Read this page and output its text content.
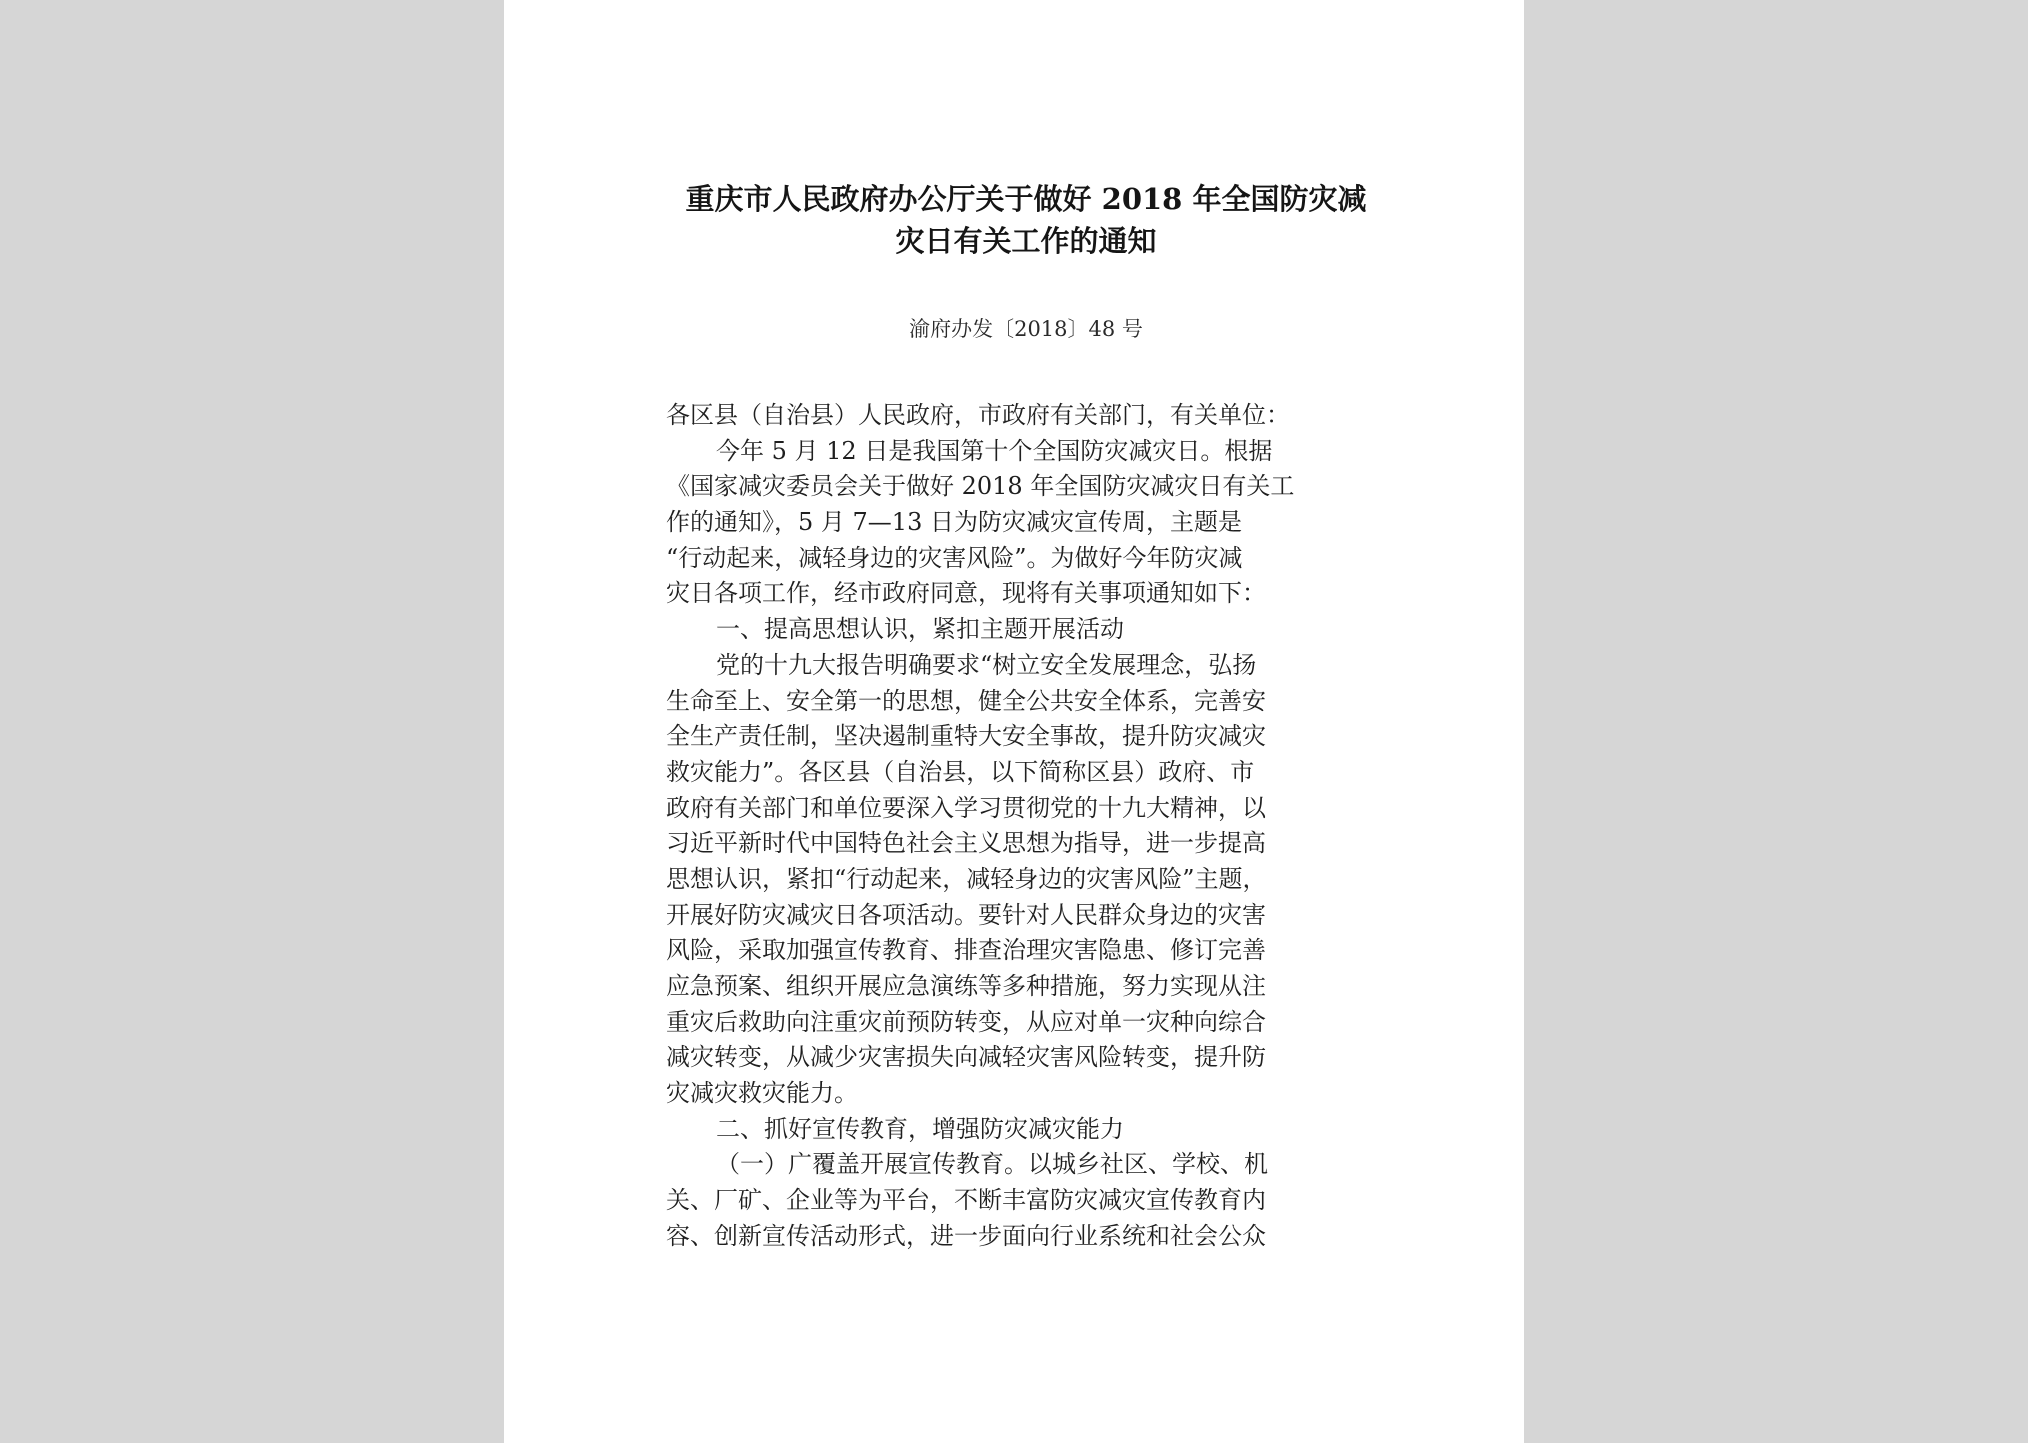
重庆市人民政府办公厅关于做好 2018 年全国防灾减
灾日有关工作的通知
渝府办发〔2018〕48 号
各区县（自治县）人民政府，市政府有关部门，有关单位：
今年 5 月 12 日是我国第十个全国防灾减灾日。根据
《国家减灾委员会关于做好 2018 年全国防灾减灾日有关工
作的通知》，5 月 7—13 日为防灾减灾宣传周，主题是
“行动起来，减轻身边的灾害风险”。为做好今年防灾减
灾日各项工作，经市政府同意，现将有关事项通知如下：
一、提高思想认识，紧扣主题开展活动
党的十九大报告明确要求“树立安全发展理念，弘扬
生命至上、安全第一的思想，健全公共安全体系，完善安
全生产责任制，坚决遏制重特大安全事故，提升防灾减灾
救灾能力”。各区县（自治县，以下简称区县）政府、市
政府有关部门和单位要深入学习贯彻党的十九大精神，以
习近平新时代中国特色社会主义思想为指导，进一步提高
思想认识，紧扣“行动起来，减轻身边的灾害风险”主题，
开展好防灾减灾日各项活动。要针对人民群众身边的灾害
风险，采取加强宣传教育、排查治理灾害隐患、修订完善
应急预案、组织开展应急演练等多种措施，努力实现从注
重灾后救助向注重灾前预防转变，从应对单一灾种向综合
减灾转变，从减少灾害损失向减轻灾害风险转变，提升防
灾减灾救灾能力。
二、抓好宣传教育，增强防灾减灾能力
（一）广覆盖开展宣传教育。以城乡社区、学校、机
关、厂矿、企业等为平台，不断丰富防灾减灾宣传教育内
容、创新宣传活动形式，进一步面向行业系统和社会公众
